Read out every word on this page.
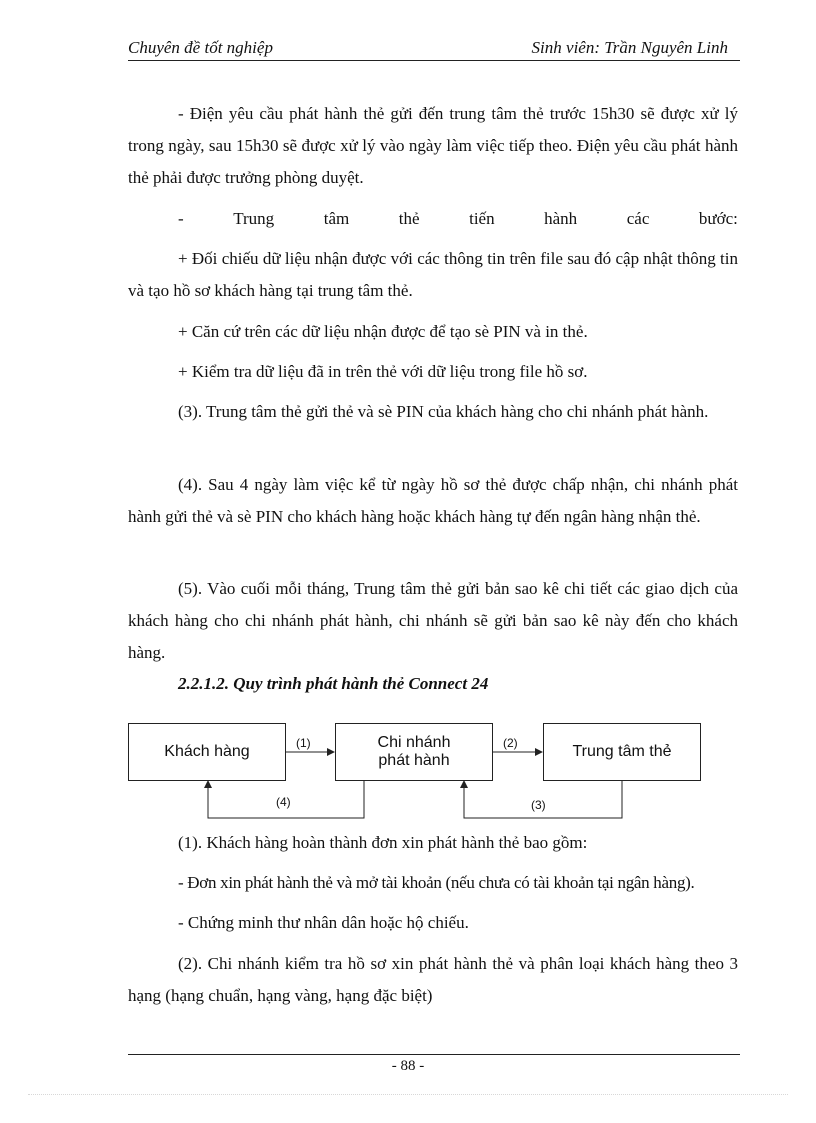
Chuyên đề tốt nghiệp	Sinh viên: Trần Nguyên Linh

- Điện yêu cầu phát hành thẻ gửi đến trung tâm thẻ trước 15h30 sẽ được xử lý trong ngày, sau 15h30 sẽ được xử lý vào ngày làm việc tiếp theo. Điện yêu cầu phát hành thẻ phải được trưởng phòng duyệt.

-	Trung	tâm	thẻ	tiến	hành	các	bước:

+ Đối chiếu dữ liệu nhận được với các thông tin trên file sau đó cập nhật thông tin và tạo hồ sơ khách hàng tại trung tâm thẻ.

+ Căn cứ trên các dữ liệu nhận được để tạo sè PIN và in thẻ.

+ Kiểm tra dữ liệu đã in trên thẻ với dữ liệu trong file hồ sơ.

(3). Trung tâm thẻ gửi thẻ và sè PIN của khách hàng cho chi nhánh phát hành.

(4). Sau 4 ngày làm việc kể từ ngày hồ sơ thẻ được chấp nhận, chi nhánh phát hành gửi thẻ và sè PIN cho khách hàng hoặc khách hàng tự đến ngân hàng nhận thẻ.

(5). Vào cuối mỗi tháng, Trung tâm thẻ gửi bản sao kê chi tiết các giao dịch của khách hàng cho chi nhánh phát hành, chi nhánh sẽ gửi bản sao kê này đến cho khách hàng.

2.2.1.2. Quy trình phát hành thẻ Connect 24

Khách hàng
Chi nhánh
phát hành
Trung tâm thẻ
(1)	(2)
(4)	(3)

(1). Khách hàng hoàn thành đơn xin phát hành thẻ bao gồm:

- Đơn xin phát hành thẻ và mở tài khoản (nếu chưa có tài khoản tại ngân hàng).

- Chứng minh thư nhân dân hoặc hộ chiếu.

(2). Chi nhánh kiểm tra hồ sơ xin phát hành thẻ và phân loại khách hàng theo 3 hạng (hạng chuẩn, hạng vàng, hạng đặc biệt)

- 88 -
